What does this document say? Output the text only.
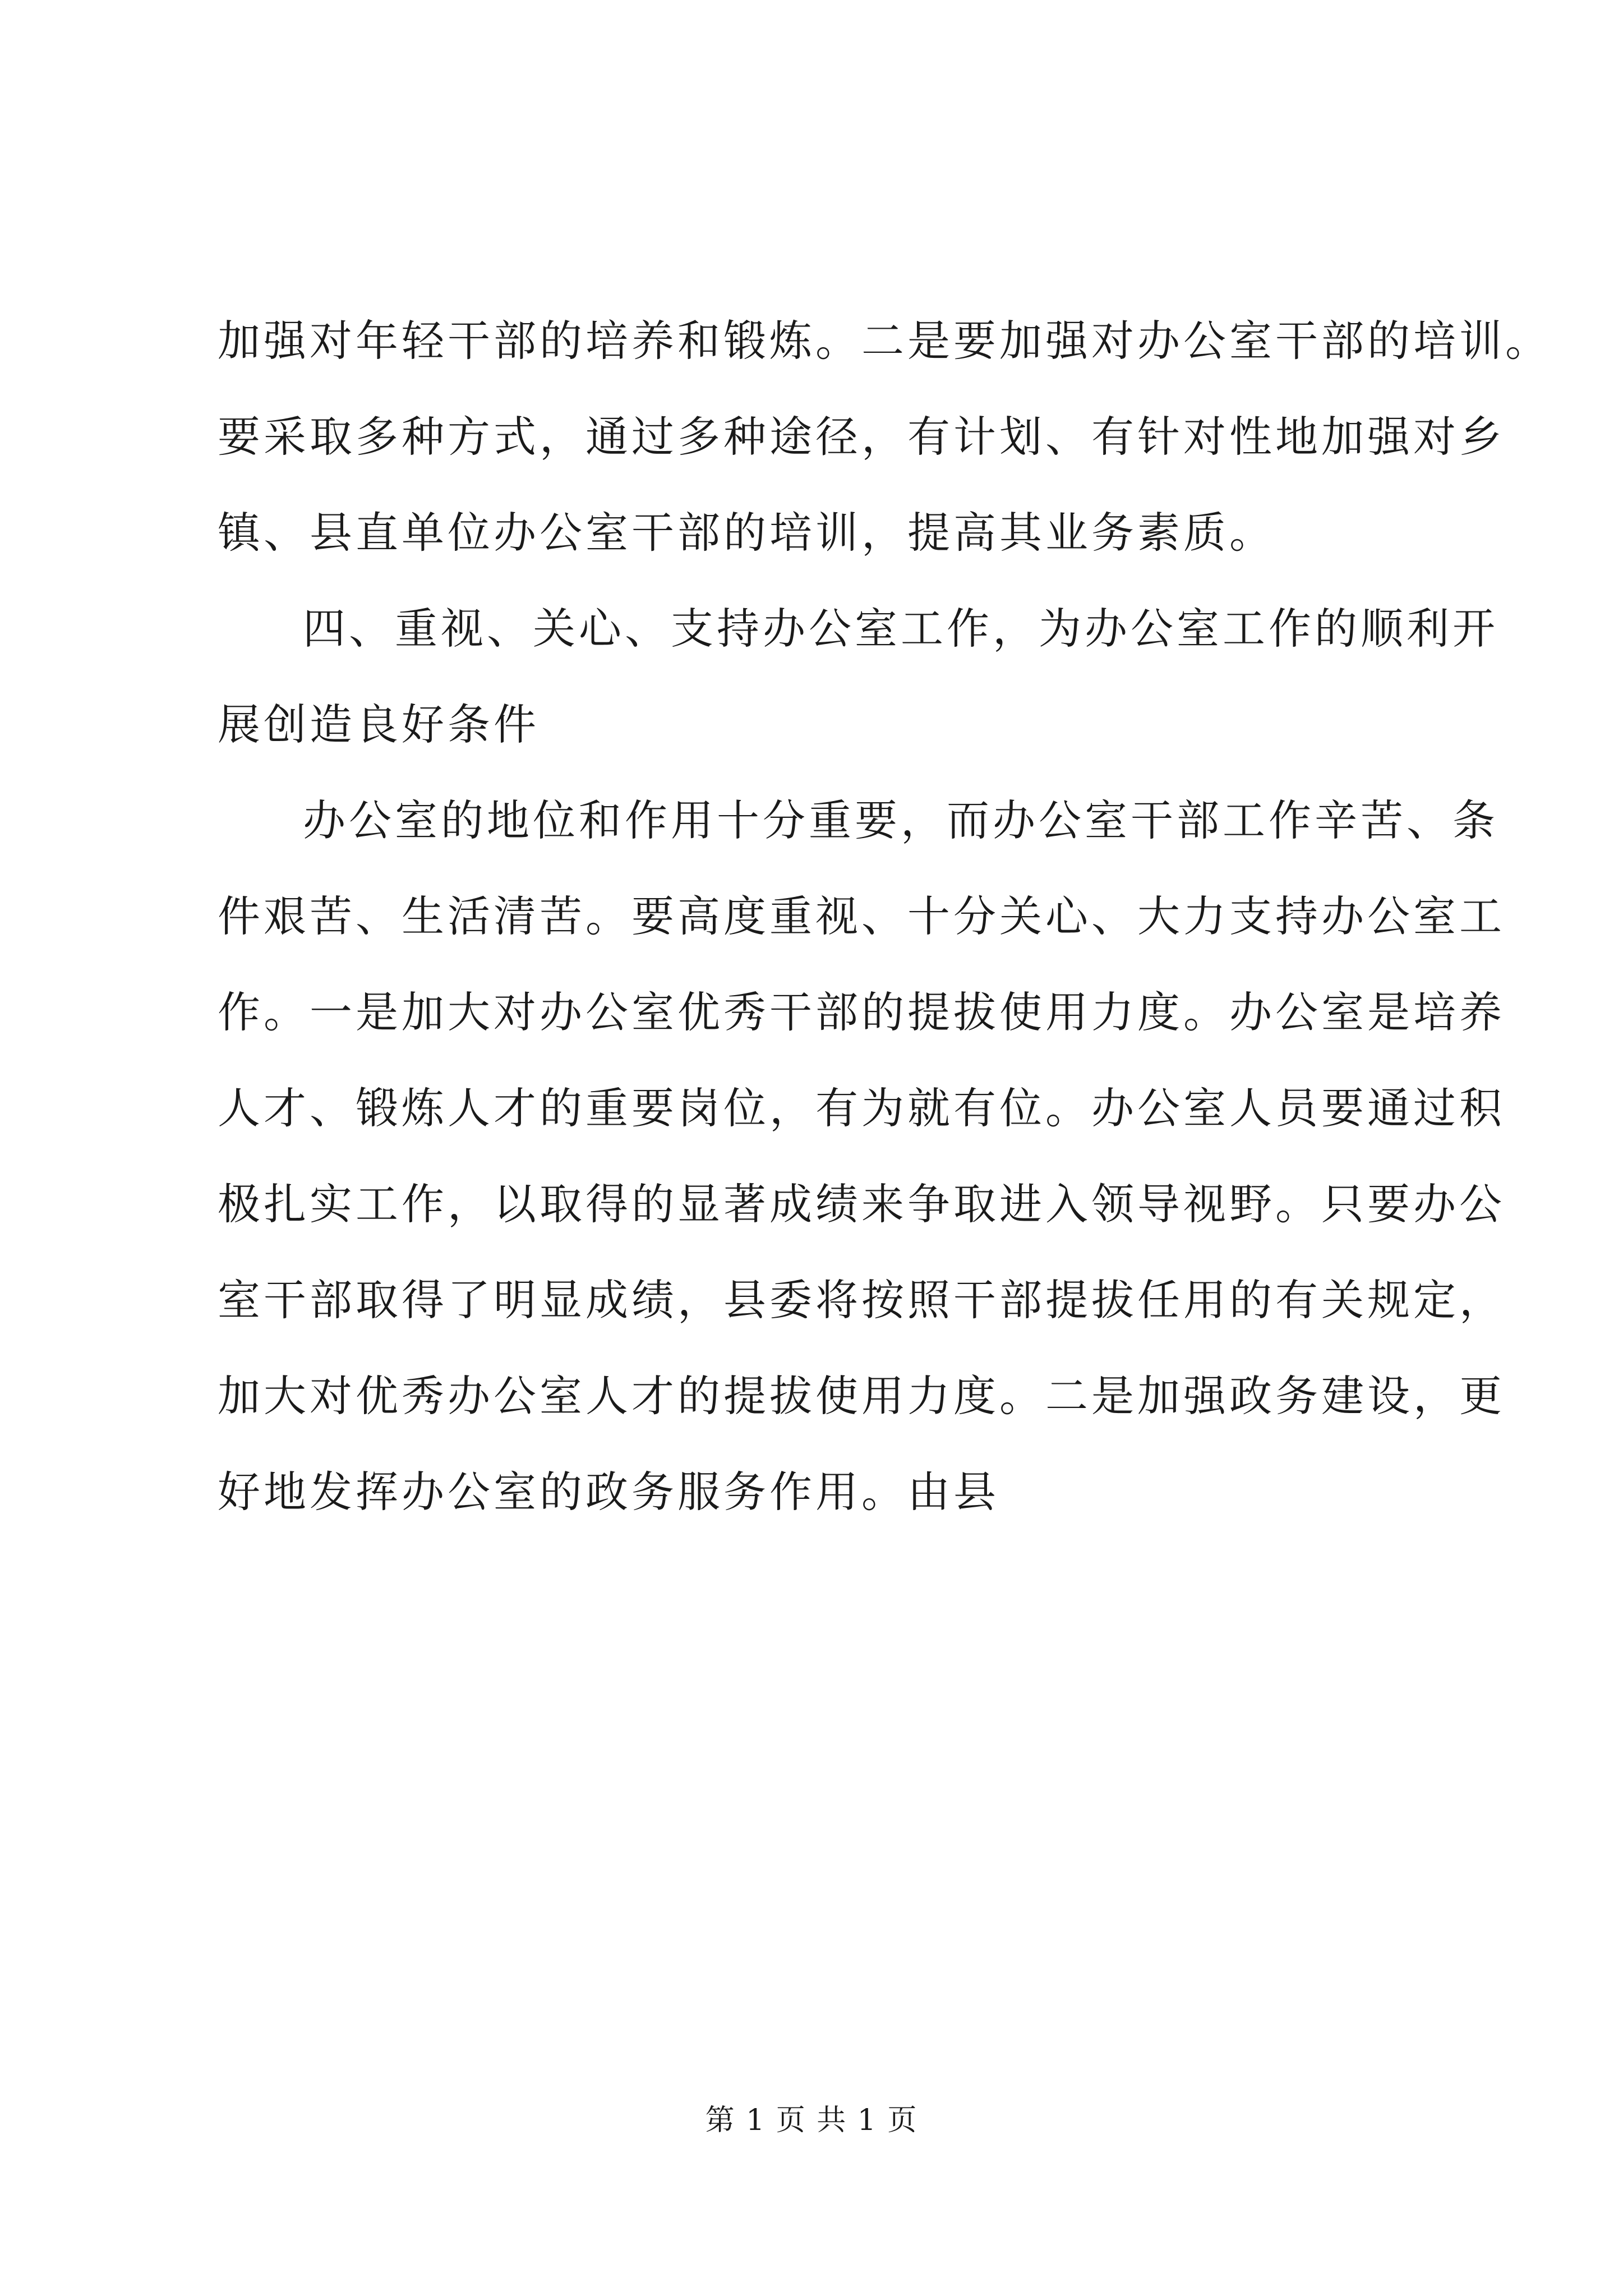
加强对年轻干部的培养和锻炼。二是要加强对办公室干部的培训。
要采取多种方式，通过多种途径，有计划、有针对性地加强对乡
镇、县直单位办公室干部的培训，提高其业务素质。
四、重视、关心、支持办公室工作，为办公室工作的顺利开
展创造良好条件
办公室的地位和作用十分重要，而办公室干部工作辛苦、条
件艰苦、生活清苦。要高度重视、十分关心、大力支持办公室工
作。一是加大对办公室优秀干部的提拔使用力度。办公室是培养
人才、锻炼人才的重要岗位，有为就有位。办公室人员要通过积
极扎实工作，以取得的显著成绩来争取进入领导视野。只要办公
室干部取得了明显成绩，县委将按照干部提拔任用的有关规定，
加大对优秀办公室人才的提拔使用力度。二是加强政务建设，更
好地发挥办公室的政务服务作用。由县
第 1 页 共 1 页
